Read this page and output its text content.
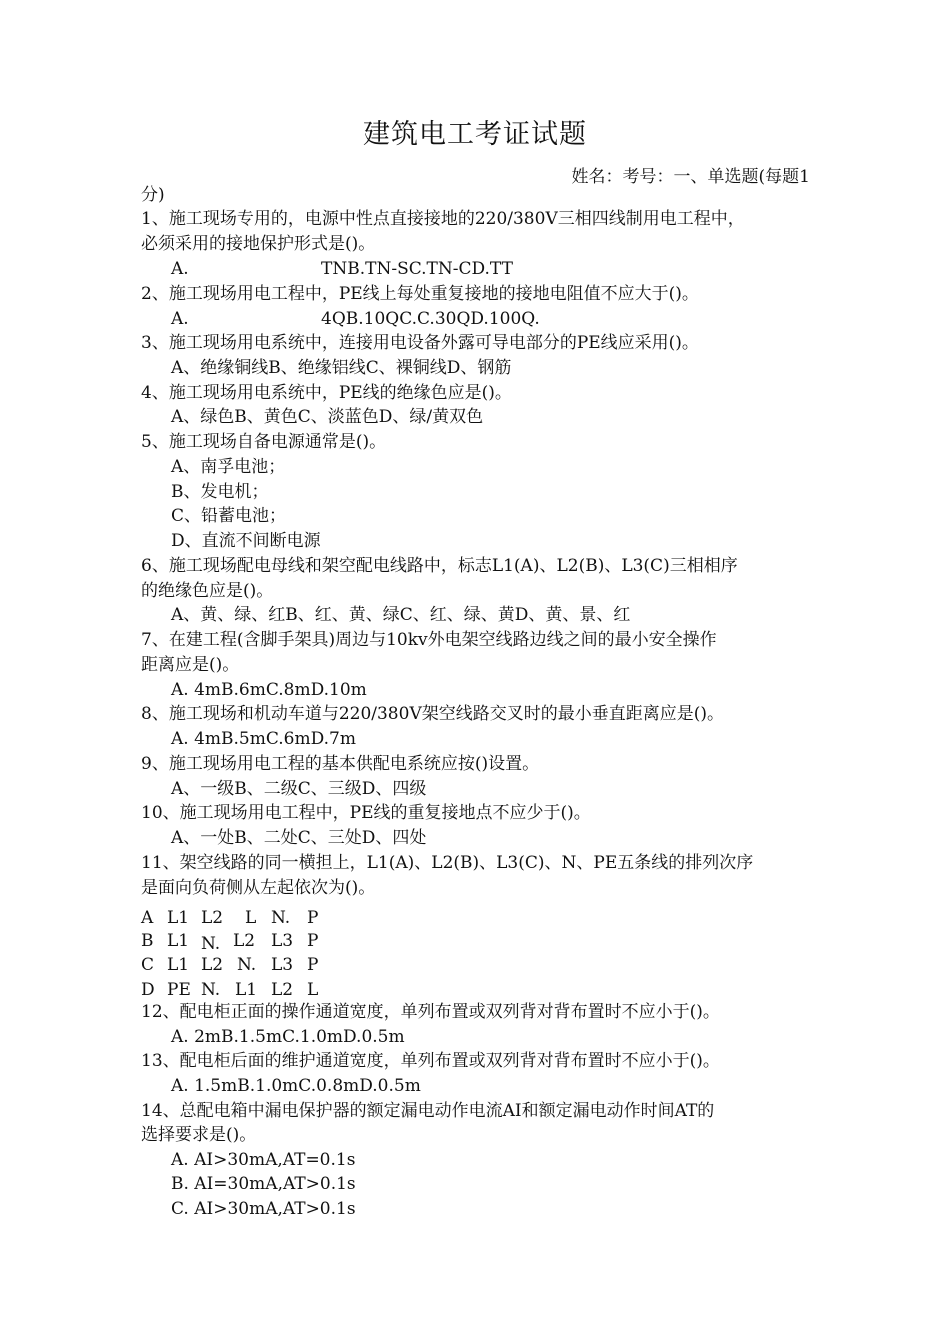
建筑电工考证试题
姓名：考号：一、单选题(每题1
分)
1、施工现场专用的，电源中性点直接接地的220/380V三相四线制用电工程中，
必须采用的接地保护形式是()。
A.	TNB.TN-SC.TN-CD.TT
2、施工现场用电工程中，PE线上每处重复接地的接地电阻值不应大于()。
A.	4QB.10QC.C.30QD.100Q.
3、施工现场用电系统中，连接用电设备外露可导电部分的PE线应采用()。
A、绝缘铜线B、绝缘铝线C、裸铜线D、钢筋
4、施工现场用电系统中，PE线的绝缘色应是()。
A、绿色B、黄色C、淡蓝色D、绿/黄双色
5、施工现场自备电源通常是()。
A、南孚电池；
B、发电机；
C、铅蓄电池；
D、直流不间断电源
6、施工现场配电母线和架空配电线路中，标志L1(A)、L2(B)、L3(C)三相相序
的绝缘色应是()。
A、黄、绿、红B、红、黄、绿C、红、绿、黄D、黄、景、红
7、在建工程(含脚手架具)周边与10kv外电架空线路边线之间的最小安全操作
距离应是()。
A. 4mB.6mC.8mD.10m
8、施工现场和机动车道与220/380V架空线路交叉时的最小垂直距离应是()。
A. 4mB.5mC.6mD.7m
9、施工现场用电工程的基本供配电系统应按()设置。
A、一级B、二级C、三级D、四级
10、施工现场用电工程中，PE线的重复接地点不应少于()。
A、一处B、二处C、三处D、四处
11、架空线路的同一横担上，L1(A)、L2(B)、L3(C)、N、PE五条线的排列次序
是面向负荷侧从左起依次为()。
A L1 L2 L N. P
B L1 N. L2 L3 P
C L1 L2 N. L3 P
D PE N. L1 L2 L
12、配电柜正面的操作通道宽度，单列布置或双列背对背布置时不应小于()。
A. 2mB.1.5mC.1.0mD.0.5m
13、配电柜后面的维护通道宽度，单列布置或双列背对背布置时不应小于()。
A. 1.5mB.1.0mC.0.8mD.0.5m
14、总配电箱中漏电保护器的额定漏电动作电流AI和额定漏电动作时间AT的
选择要求是()。
A. AI>30mA,AT=0.1s
B. AI=30mA,AT>0.1s
C. AI>30mA,AT>0.1s
